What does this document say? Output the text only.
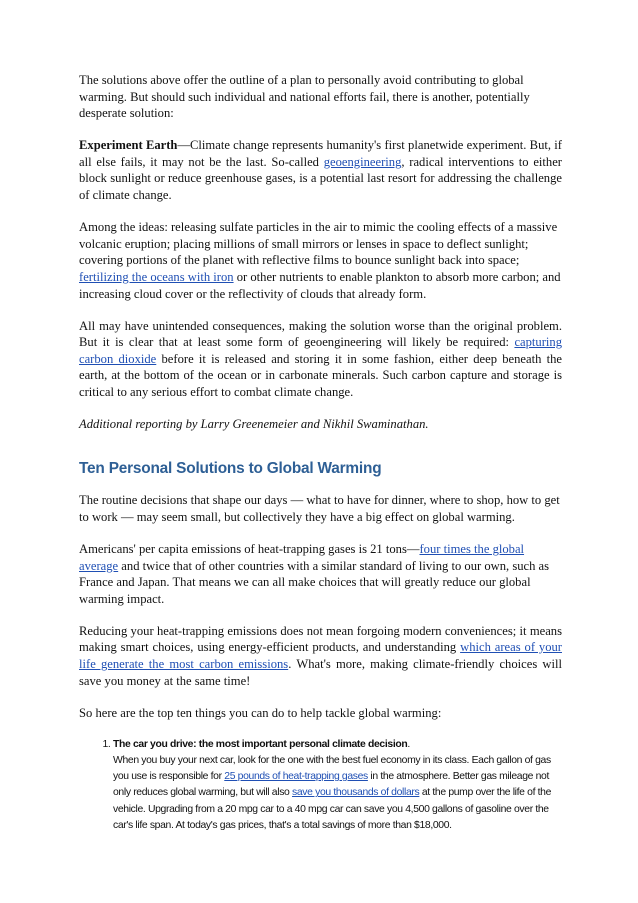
The solutions above offer the outline of a plan to personally avoid contributing to global warming. But should such individual and national efforts fail, there is another, potentially desperate solution:

Experiment Earth—Climate change represents humanity's first planetwide experiment. But, if all else fails, it may not be the last. So-called geoengineering, radical interventions to either block sunlight or reduce greenhouse gases, is a potential last resort for addressing the challenge of climate change.

Among the ideas: releasing sulfate particles in the air to mimic the cooling effects of a massive volcanic eruption; placing millions of small mirrors or lenses in space to deflect sunlight; covering portions of the planet with reflective films to bounce sunlight back into space; fertilizing the oceans with iron or other nutrients to enable plankton to absorb more carbon; and increasing cloud cover or the reflectivity of clouds that already form.

All may have unintended consequences, making the solution worse than the original problem. But it is clear that at least some form of geoengineering will likely be required: capturing carbon dioxide before it is released and storing it in some fashion, either deep beneath the earth, at the bottom of the ocean or in carbonate minerals. Such carbon capture and storage is critical to any serious effort to combat climate change.

Additional reporting by Larry Greenemeier and Nikhil Swaminathan.

Ten Personal Solutions to Global Warming

The routine decisions that shape our days — what to have for dinner, where to shop, how to get to work — may seem small, but collectively they have a big effect on global warming.

Americans' per capita emissions of heat-trapping gases is 21 tons—four times the global average and twice that of other countries with a similar standard of living to our own, such as France and Japan. That means we can all make choices that will greatly reduce our global warming impact.

Reducing your heat-trapping emissions does not mean forgoing modern conveniences; it means making smart choices, using energy-efficient products, and understanding which areas of your life generate the most carbon emissions. What's more, making climate-friendly choices will save you money at the same time!

So here are the top ten things you can do to help tackle global warming:

1. The car you drive: the most important personal climate decision.
When you buy your next car, look for the one with the best fuel economy in its class. Each gallon of gas you use is responsible for 25 pounds of heat-trapping gases in the atmosphere. Better gas mileage not only reduces global warming, but will also save you thousands of dollars at the pump over the life of the vehicle. Upgrading from a 20 mpg car to a 40 mpg car can save you 4,500 gallons of gasoline over the car's life span. At today's gas prices, that's a total savings of more than $18,000.
